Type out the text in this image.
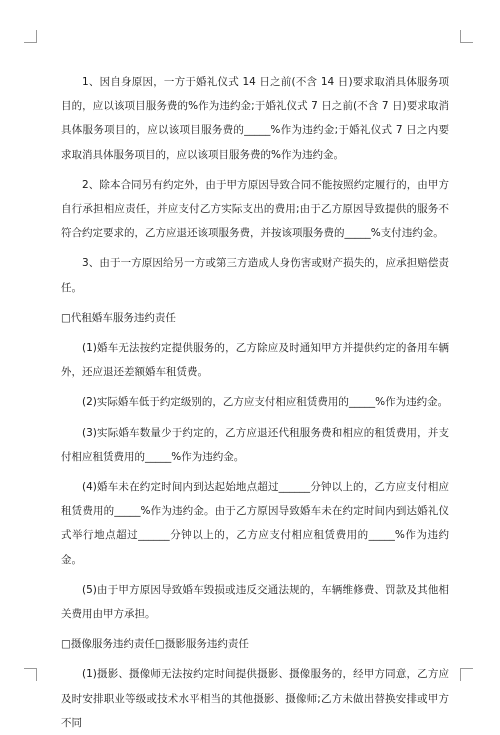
1、因自身原因，一方于婚礼仪式 14 日之前(不含 14 日)要求取消具体服务项目的，应以该项目服务费的%作为违约金;于婚礼仪式 7 日之前(不含 7 日)要求取消具体服务项目的，应以该项目服务费的_____%作为违约金;于婚礼仪式 7 日之内要求取消具体服务项目的，应以该项目服务费的%作为违约金。

2、除本合同另有约定外，由于甲方原因导致合同不能按照约定履行的，由甲方自行承担相应责任，并应支付乙方实际支出的费用;由于乙方原因导致提供的服务不符合约定要求的，乙方应退还该项服务费，并按该项服务费的_____%支付违约金。

3、由于一方原因给另一方或第三方造成人身伤害或财产损失的，应承担赔偿责任。

□代租婚车服务违约责任

(1)婚车无法按约定提供服务的，乙方除应及时通知甲方并提供约定的备用车辆外，还应退还差额婚车租赁费。

(2)实际婚车低于约定级别的，乙方应支付相应租赁费用的_____%作为违约金。

(3)实际婚车数量少于约定的，乙方应退还代租服务费和相应的租赁费用，并支付相应租赁费用的_____%作为违约金。

(4)婚车未在约定时间内到达起始地点超过______分钟以上的，乙方应支付相应租赁费用的_____%作为违约金。由于乙方原因导致婚车未在约定时间内到达婚礼仪式举行地点超过______分钟以上的，乙方应支付相应租赁费用的_____%作为违约金。

(5)由于甲方原因导致婚车毁损或违反交通法规的，车辆维修费、罚款及其他相关费用由甲方承担。

□摄像服务违约责任□摄影服务违约责任

(1)摄影、摄像师无法按约定时间提供摄影、摄像服务的，经甲方同意，乙方应及时安排职业等级或技术水平相当的其他摄影、摄像师;乙方未做出替换安排或甲方不同
